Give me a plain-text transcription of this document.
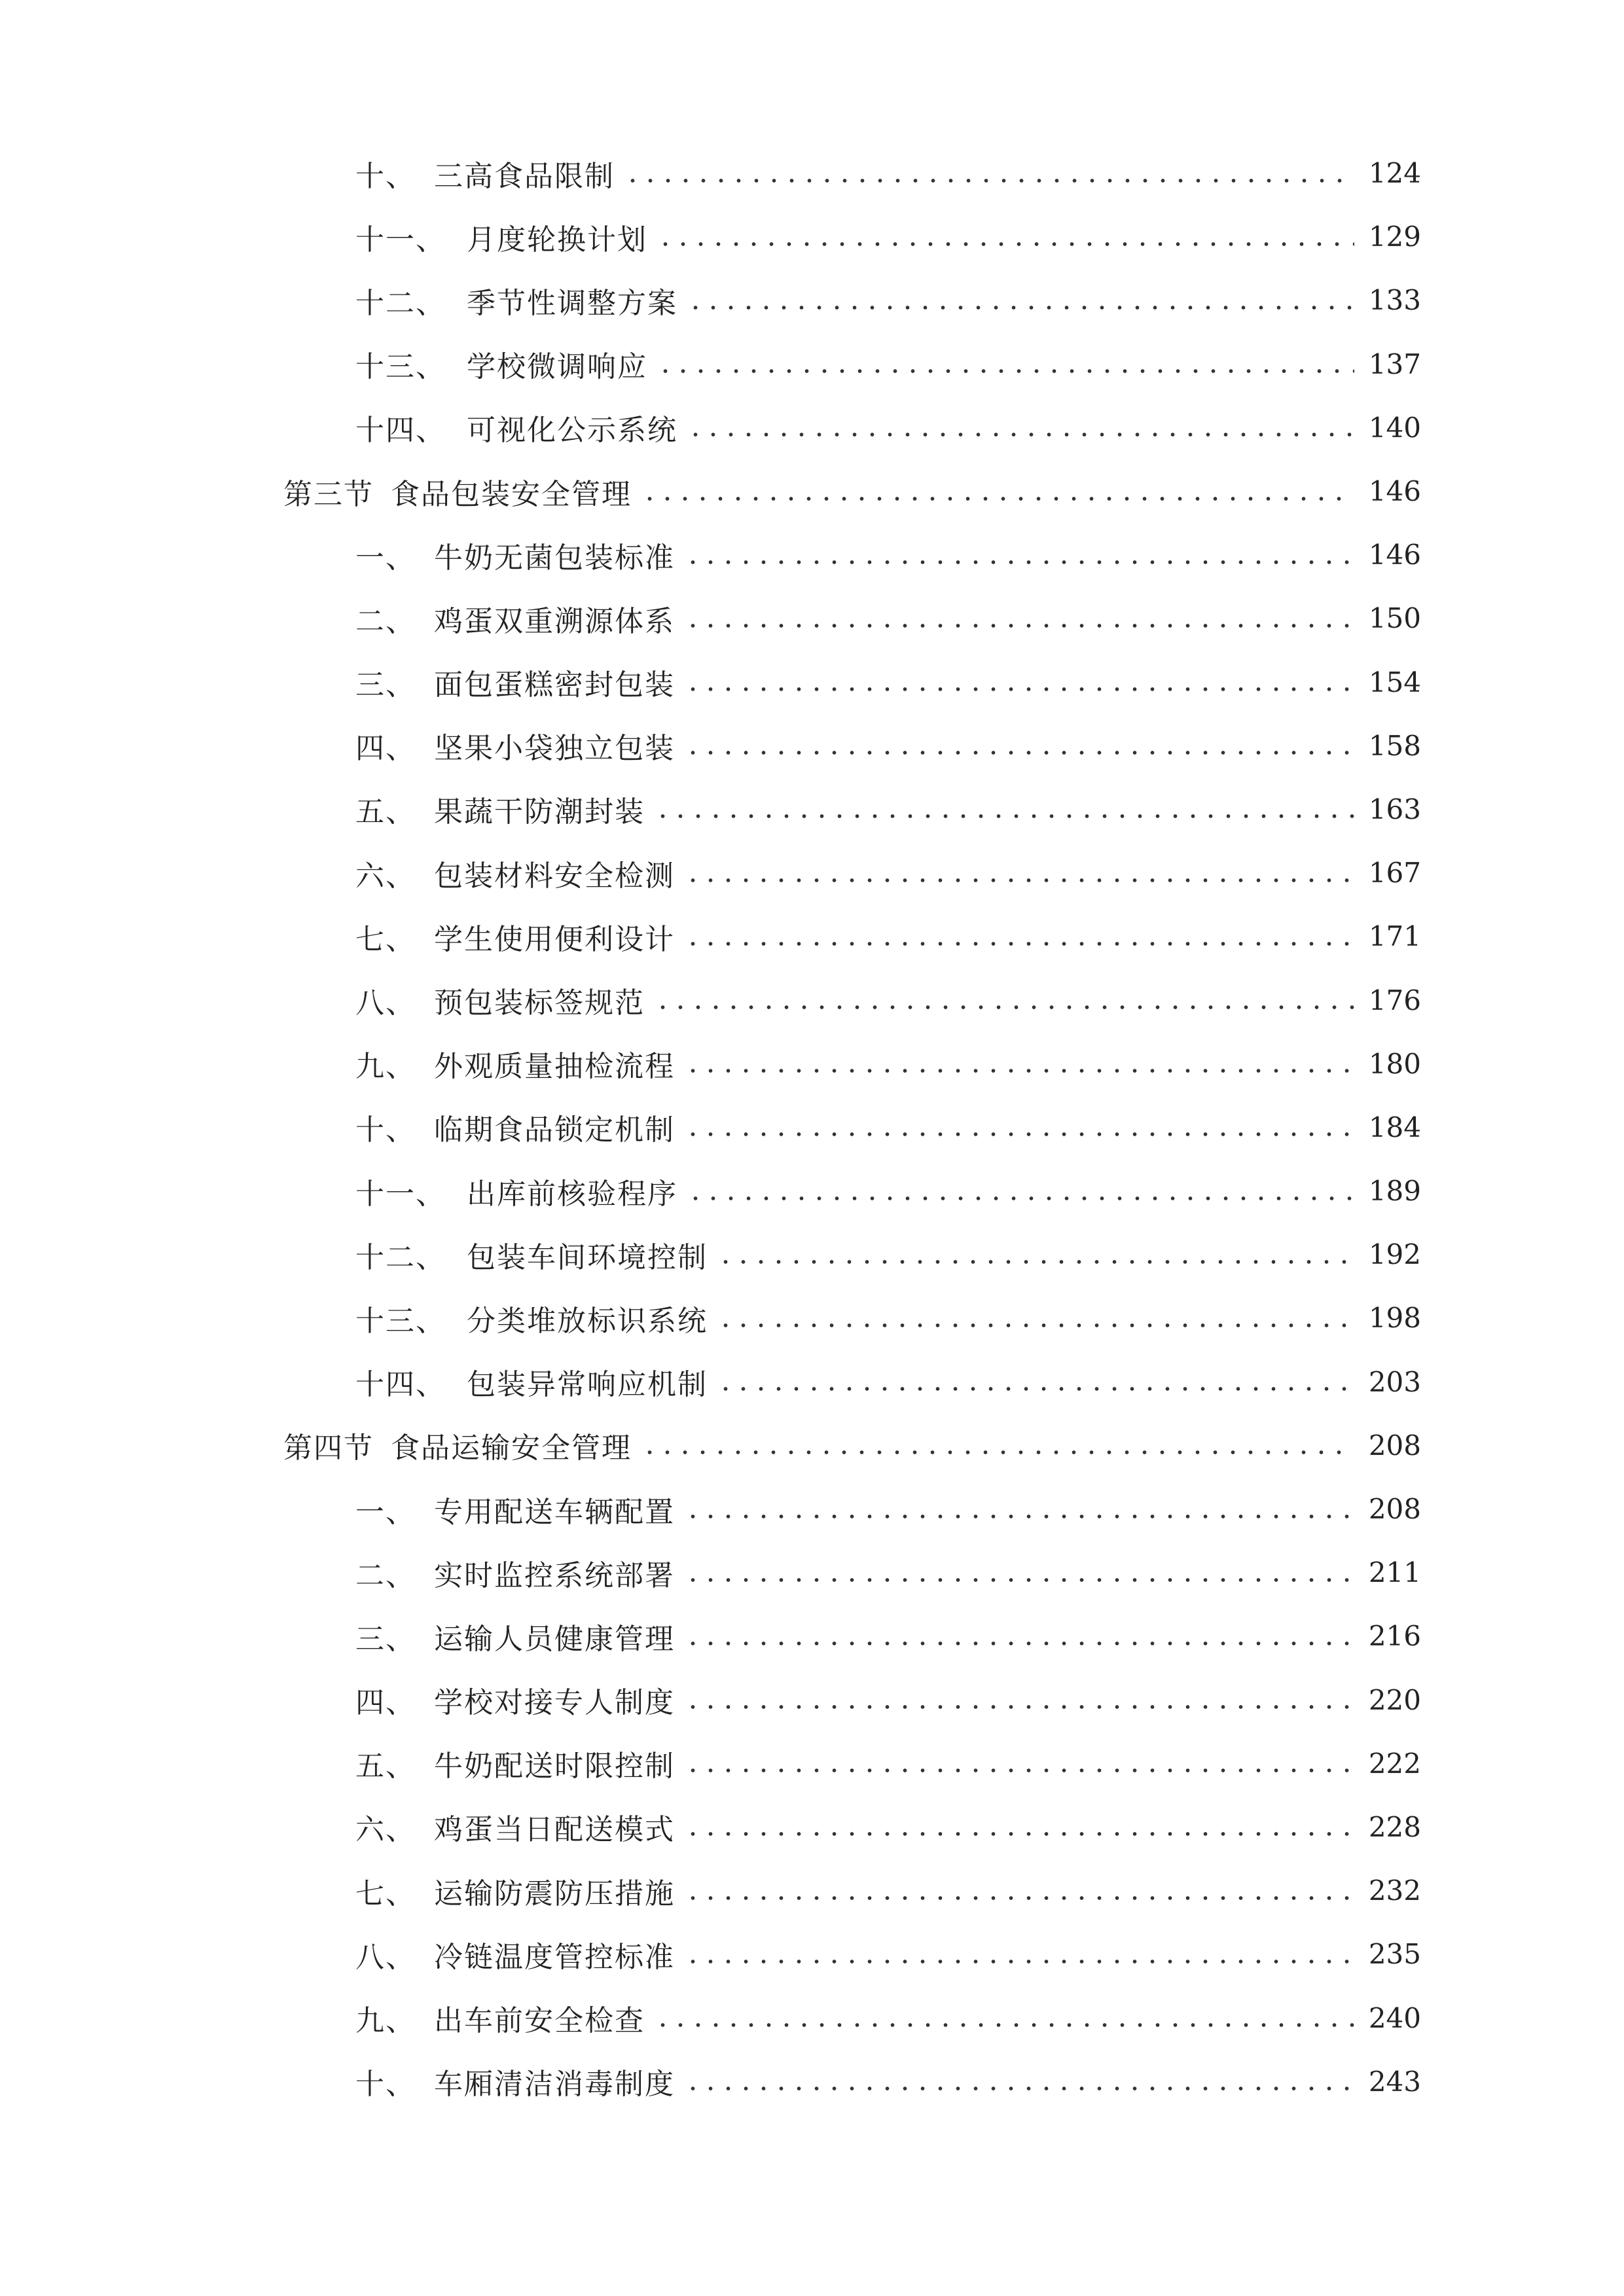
十、 三高食品限制	124
十一、 月度轮换计划	129
十二、 季节性调整方案	133
十三、 学校微调响应	137
十四、 可视化公示系统	140
第三节 食品包装安全管理	146
一、 牛奶无菌包装标准	146
二、 鸡蛋双重溯源体系	150
三、 面包蛋糕密封包装	154
四、 坚果小袋独立包装	158
五、 果蔬干防潮封装	163
六、 包装材料安全检测	167
七、 学生使用便利设计	171
八、 预包装标签规范	176
九、 外观质量抽检流程	180
十、 临期食品锁定机制	184
十一、 出库前核验程序	189
十二、 包装车间环境控制	192
十三、 分类堆放标识系统	198
十四、 包装异常响应机制	203
第四节 食品运输安全管理	208
一、 专用配送车辆配置	208
二、 实时监控系统部署	211
三、 运输人员健康管理	216
四、 学校对接专人制度	220
五、 牛奶配送时限控制	222
六、 鸡蛋当日配送模式	228
七、 运输防震防压措施	232
八、 冷链温度管控标准	235
九、 出车前安全检查	240
十、 车厢清洁消毒制度	243
